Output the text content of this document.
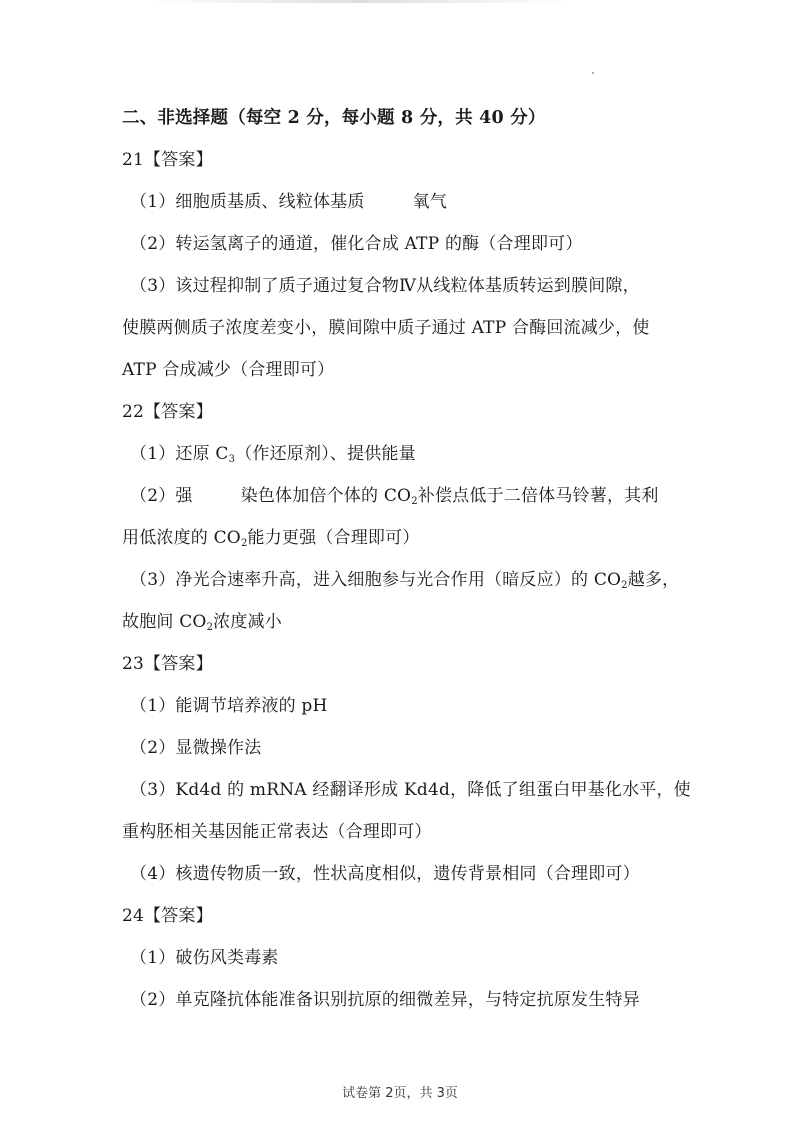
二、非选择题（每空 2 分，每小题 8 分，共 40 分）
21【答案】
（1）细胞质基质、线粒体基质	氧气
（2）转运氢离子的通道，催化合成 ATP 的酶（合理即可）
（3）该过程抑制了质子通过复合物Ⅳ从线粒体基质转运到膜间隙，
使膜两侧质子浓度差变小，膜间隙中质子通过 ATP 合酶回流减少，使
ATP 合成减少（合理即可）
22【答案】
（1）还原 $C_3$（作还原剂）、提供能量
（2）强	染色体加倍个体的 $CO_2$补偿点低于二倍体马铃薯，其利
用低浓度的 $CO_2$能力更强（合理即可）
（3）净光合速率升高，进入细胞参与光合作用（暗反应）的 $CO_2$越多，
故胞间 $CO_2$浓度减小
23【答案】
（1）能调节培养液的 pH
（2）显微操作法
（3）Kd4d 的 mRNA 经翻译形成 Kd4d，降低了组蛋白甲基化水平，使
重构胚相关基因能正常表达（合理即可）
（4）核遗传物质一致，性状高度相似，遗传背景相同（合理即可）
24【答案】
（1）破伤风类毒素
（2）单克隆抗体能准备识别抗原的细微差异，与特定抗原发生特异
试卷第 2页，共 3页
